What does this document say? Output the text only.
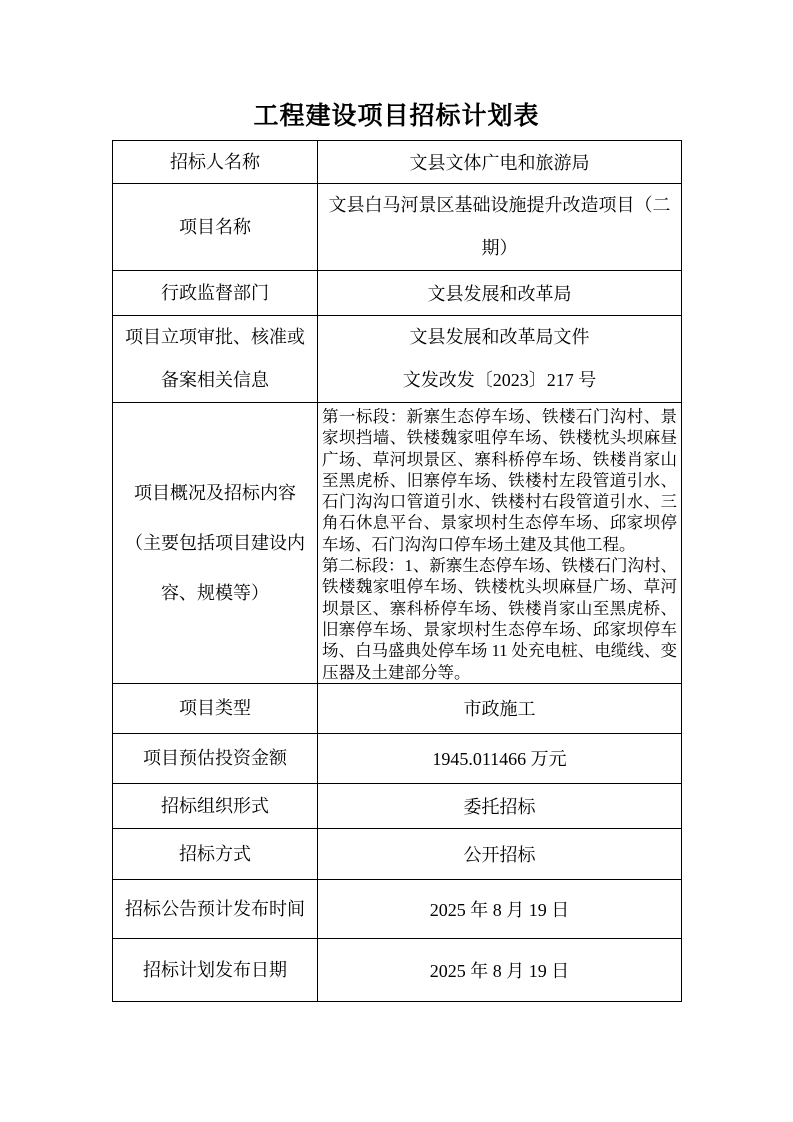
工程建设项目招标计划表
招标人名称	文县文体广电和旅游局
项目名称	文县白马河景区基础设施提升改造项目（二
期）

行政监督部门	文县发展和改革局
项目立项审批、核准或备案相关信息	文县发展和改革局文件
文发改发〔2023〕217 号

项目概况及招标内容（主要包括项目建设内容、规模等）	第一标段：新寨生态停车场、铁楼石门沟村、景家坝挡墙、铁楼魏家咀停车场、铁楼枕头坝麻昼广场、草河坝景区、寨科桥停车场、铁楼肖家山至黑虎桥、旧寨停车场、铁楼村左段管道引水、石门沟沟口管道引水、铁楼村右段管道引水、三角石休息平台、景家坝村生态停车场、邱家坝停车场、石门沟沟口停车场土建及其他工程。
第二标段：1、新寨生态停车场、铁楼石门沟村、铁楼魏家咀停车场、铁楼枕头坝麻昼广场、草河坝景区、寨科桥停车场、铁楼肖家山至黑虎桥、旧寨停车场、景家坝村生态停车场、邱家坝停车场、白马盛典处停车场 11 处充电桩、电缆线、变压器及土建部分等。

项目类型	市政施工
项目预估投资金额	1945.011466 万元
招标组织形式	委托招标
招标方式	公开招标
招标公告预计发布时间	2025 年 8 月 19 日
招标计划发布日期	2025 年 8 月 19 日
